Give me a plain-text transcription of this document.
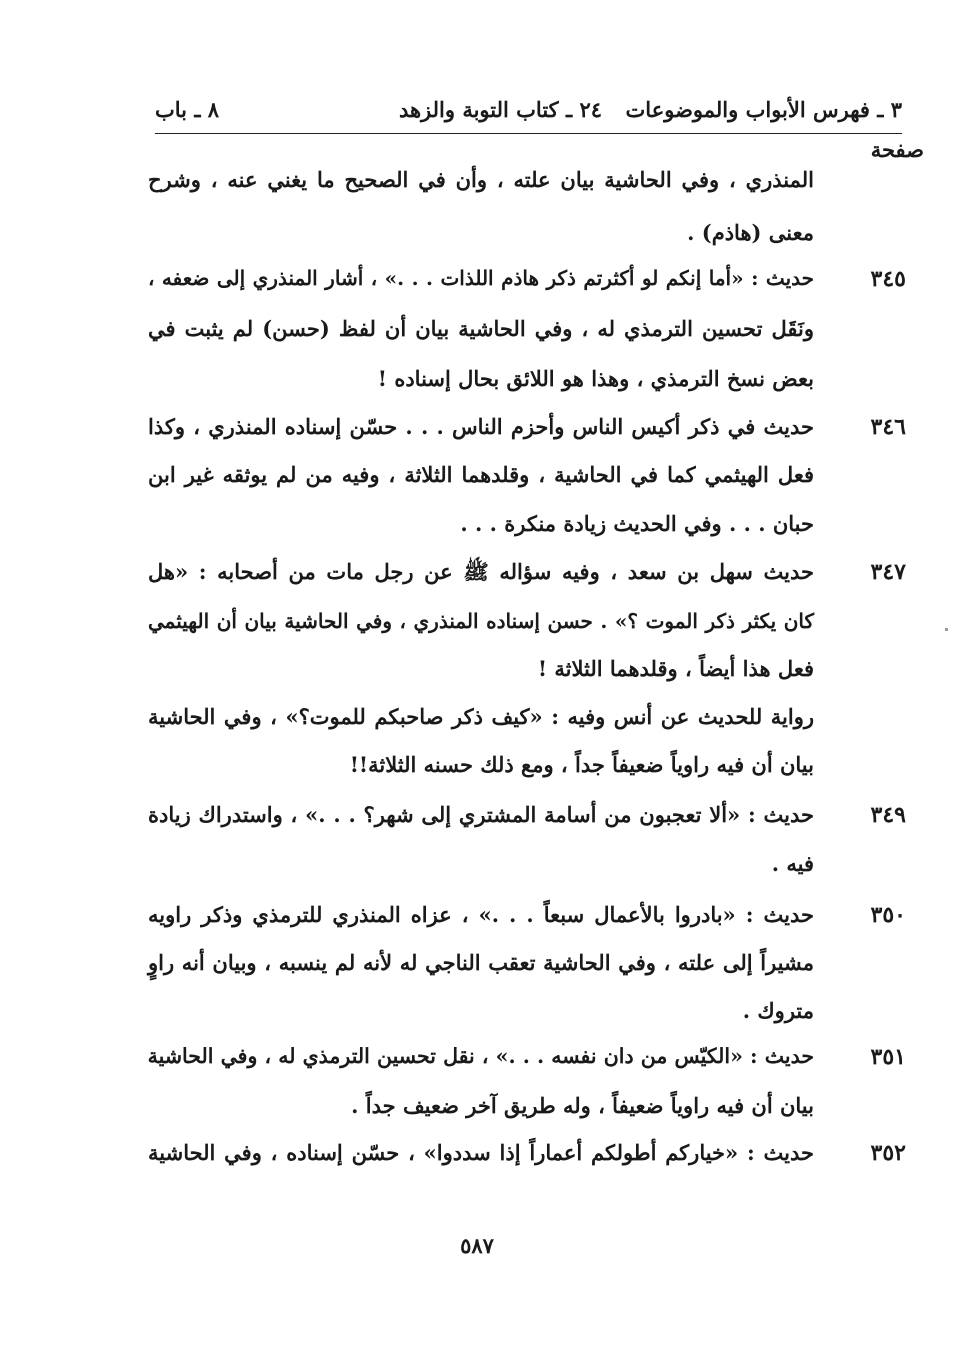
٣ ـ فهرس الأبواب والموضوعات
٢٤ ـ كتاب التوبة والزهد
٨ ـ باب
صفحة
المنذري ، وفي الحاشية بيان علته ، وأن في الصحيح ما يغني عنه ، وشرح
معنى (هاذم) .
٣٤٥
حديث : «أما إنكم لو أكثرتم ذكر هاذم اللذات . . .» ، أشار المنذري إلى ضعفه ،
ونَقَل تحسين الترمذي له ، وفي الحاشية بيان أن لفظ (حسن) لم يثبت في
بعض نسخ الترمذي ، وهذا هو اللائق بحال إسناده !
٣٤٦
حديث في ذكر أكيس الناس وأحزم الناس . . . حسّن إسناده المنذري ، وكذا
فعل الهيثمي كما في الحاشية ، وقلدهما الثلاثة ، وفيه من لم يوثقه غير ابن
حبان . . . وفي الحديث زيادة منكرة . . .
٣٤٧
حديث سهل بن سعد ، وفيه سؤاله ﷺ عن رجل مات من أصحابه : «هل
كان يكثر ذكر الموت ؟» . حسن إسناده المنذري ، وفي الحاشية بيان أن الهيثمي
فعل هذا أيضاً ، وقلدهما الثلاثة !
رواية للحديث عن أنس وفيه : «كيف ذكر صاحبكم للموت؟» ، وفي الحاشية
بيان أن فيه راوياً ضعيفاً جداً ، ومع ذلك حسنه الثلاثة!!
٣٤٩
حديث : «ألا تعجبون من أسامة المشتري إلى شهر؟ . . .» ، واستدراك زيادة
فيه .
٣٥٠
حديث : «بادروا بالأعمال سبعاً . . .» ، عزاه المنذري للترمذي وذكر راويه
مشيراً إلى علته ، وفي الحاشية تعقب الناجي له لأنه لم ينسبه ، وبيان أنه راوٍ
متروك .
٣٥١
حديث : «الكيّس من دان نفسه . . .» ، نقل تحسين الترمذي له ، وفي الحاشية
بيان أن فيه راوياً ضعيفاً ، وله طريق آخر ضعيف جداً .
٣٥٢
حديث : «خياركم أطولكم أعماراً إذا سددوا» ، حسّن إسناده ، وفي الحاشية
٥٨٧
